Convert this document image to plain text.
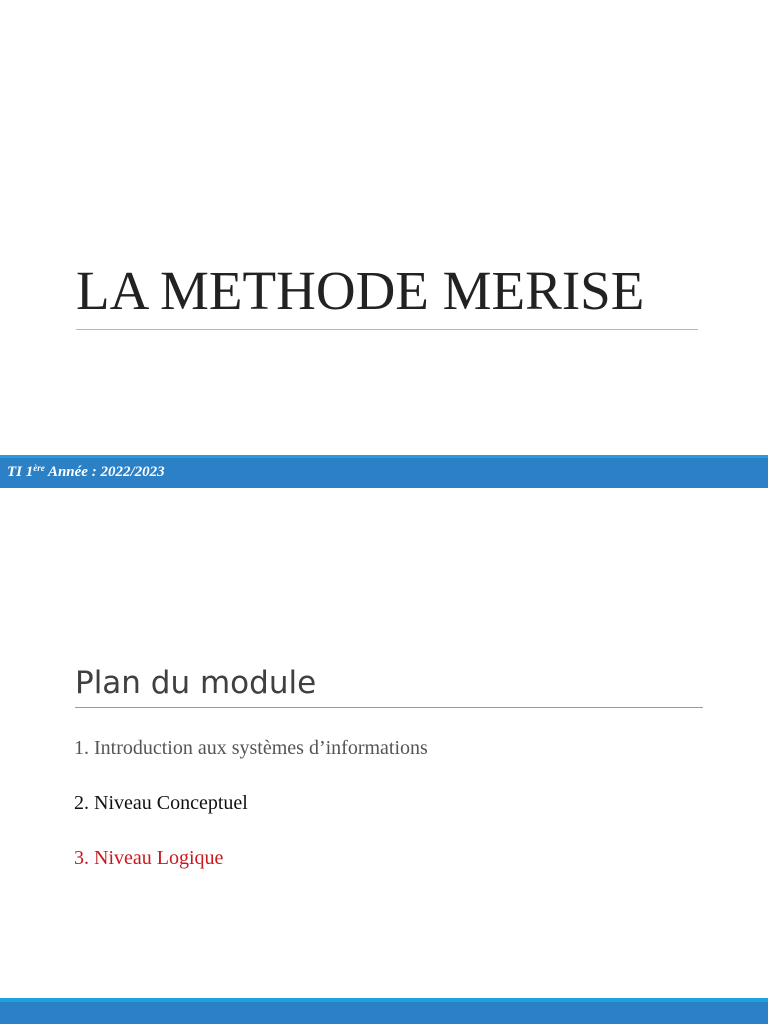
LA METHODE MERISE
TI 1ère Année : 2022/2023
Plan du module
1. Introduction aux systèmes d’informations
2. Niveau Conceptuel
3. Niveau Logique
